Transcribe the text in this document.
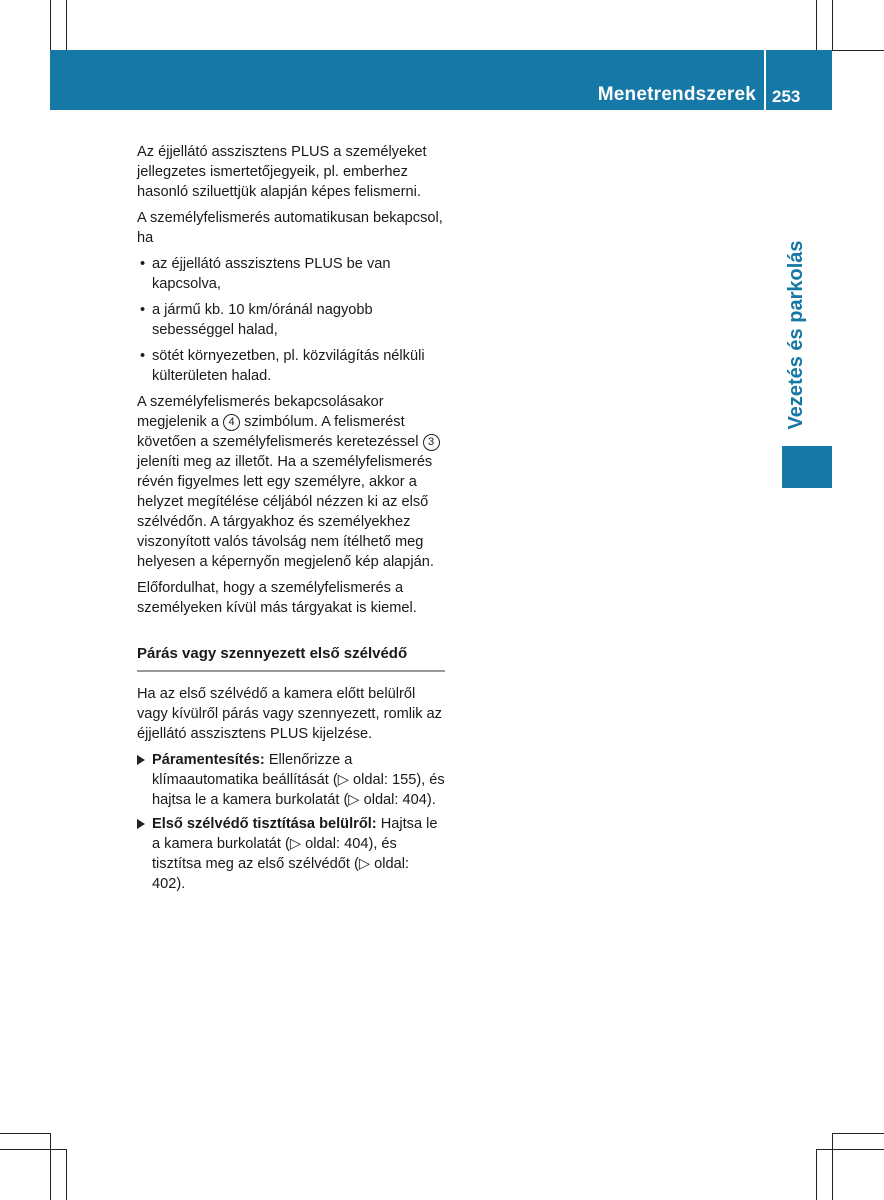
Menetrendszerek 253
Vezetés és parkolás

Az éjjellátó asszisztens PLUS a személyeket jellegzetes ismertetőjegyeik, pl. emberhez hasonló sziluettjük alapján képes felismerni.

A személyfelismerés automatikusan bekapcsol, ha

• az éjjellátó asszisztens PLUS be van kapcsolva,
• a jármű kb. 10 km/óránál nagyobb sebességgel halad,
• sötét környezetben, pl. közvilágítás nélküli külterületen halad.

A személyfelismerés bekapcsolásakor megjelenik a 4 szimbólum. A felismerést követően a személyfelismerés keretezéssel 3 jeleníti meg az illetőt. Ha a személyfelismerés révén figyelmes lett egy személyre, akkor a helyzet megítélése céljából nézzen ki az első szélvédőn. A tárgyakhoz és személyekhez viszonyított valós távolság nem ítélhető meg helyesen a képernyőn megjelenő kép alapján.

Előfordulhat, hogy a személyfelismerés a személyeken kívül más tárgyakat is kiemel.

Párás vagy szennyezett első szélvédő

Ha az első szélvédő a kamera előtt belülről vagy kívülről párás vagy szennyezett, romlik az éjjellátó asszisztens PLUS kijelzése.

Páramentesítés: Ellenőrizze a klímaautomatika beállítását (▷ oldal: 155), és hajtsa le a kamera burkolatát (▷ oldal: 404).
Első szélvédő tisztítása belülről: Hajtsa le a kamera burkolatát (▷ oldal: 404), és tisztítsa meg az első szélvédőt (▷ oldal: 402).
